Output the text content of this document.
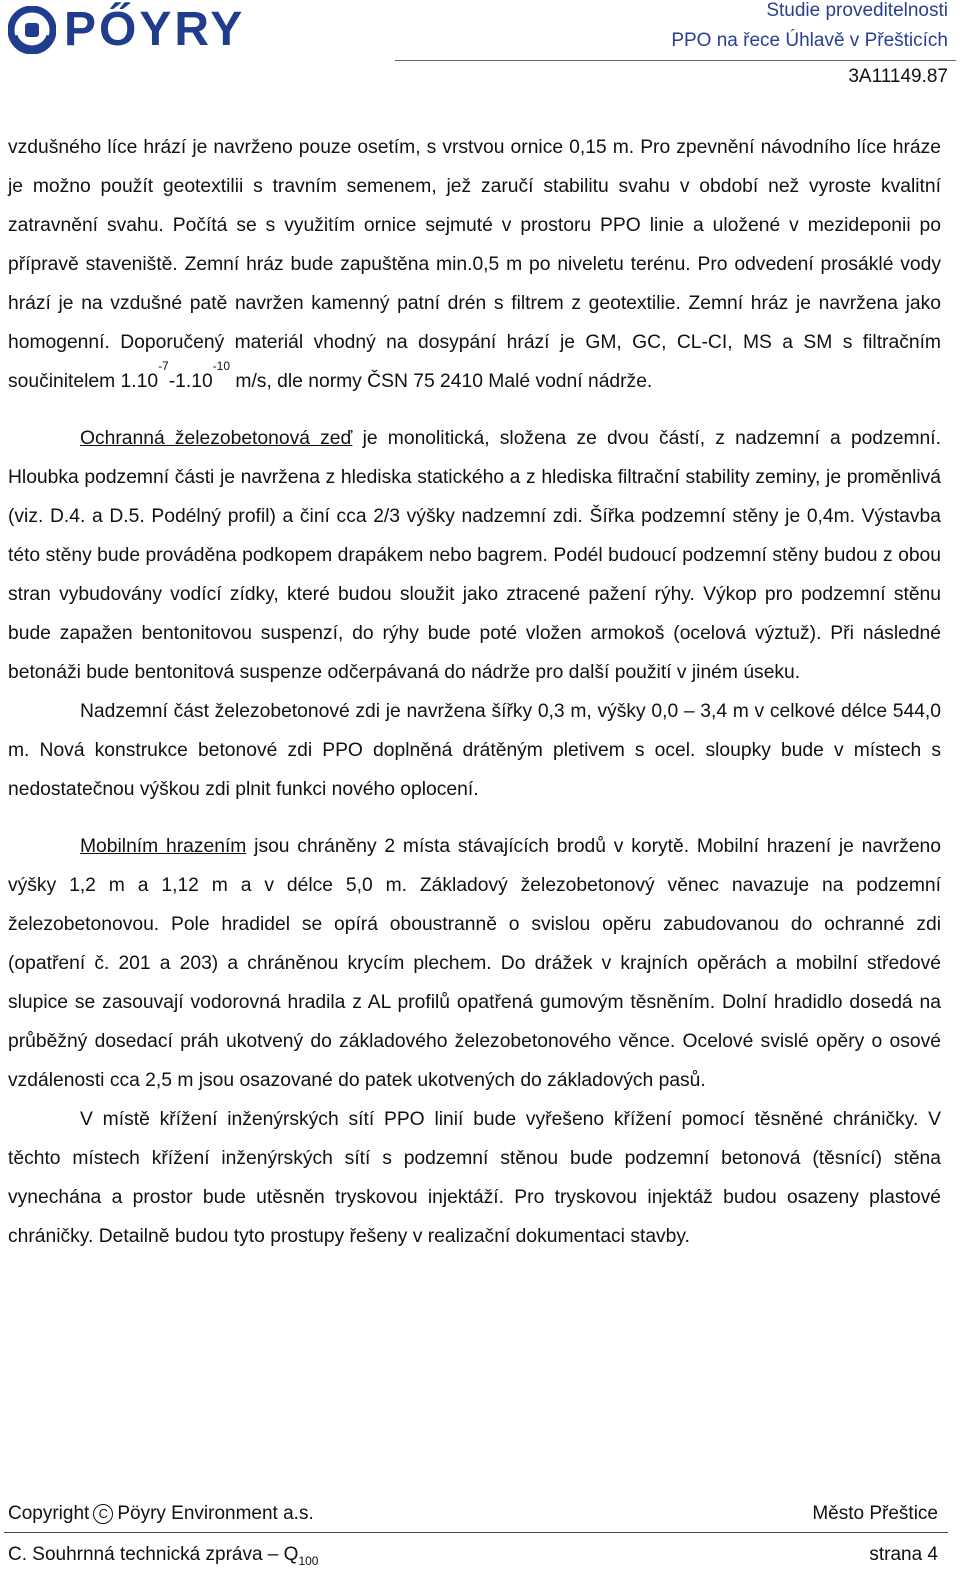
PŐYRY	Studie proveditelnosti
PPO na řece Úhlavě v Přešticích
3A11149.87

vzdušného líce hrází je navrženo pouze osetím, s vrstvou ornice 0,15 m. Pro zpevnění návodního líce hráze je možno použít geotextilii s travním semenem, jež zaručí stabilitu svahu v období než vyroste kvalitní zatravnění svahu. Počítá se s využitím ornice sejmuté v prostoru PPO linie a uložené v mezideponii po přípravě staveniště. Zemní hráz bude zapuštěna min.0,5 m po niveletu terénu. Pro odvedení prosáklé vody hrází je na vzdušné patě navržen kamenný patní drén s filtrem z geotextilie. Zemní hráz je navržena jako homogenní. Doporučený materiál vhodný na dosypání hrází je GM, GC, CL-CI, MS a SM s filtračním součinitelem $1.10^{-7}-1.10^{-10}$ m/s, dle normy ČSN 75 2410 Malé vodní nádrže.

Ochranná železobetonová zeď je monolitická, složena ze dvou částí, z nadzemní a podzemní. Hloubka podzemní části je navržena z hlediska statického a z hlediska filtrační stability zeminy, je proměnlivá (viz. D.4. a D.5. Podélný profil) a činí cca 2/3 výšky nadzemní zdi. Šířka podzemní stěny je 0,4m. Výstavba této stěny bude prováděna podkopem drapákem nebo bagrem. Podél budoucí podzemní stěny budou z obou stran vybudovány vodící zídky, které budou sloužit jako ztracené pažení rýhy. Výkop pro podzemní stěnu bude zapažen bentonitovou suspenzí, do rýhy bude poté vložen armokoš (ocelová výztuž). Při následné betonáži bude bentonitová suspenze odčerpávaná do nádrže pro další použití v jiném úseku.

Nadzemní část železobetonové zdi je navržena šířky 0,3 m, výšky 0,0 – 3,4 m v celkové délce 544,0 m. Nová konstrukce betonové zdi PPO doplněná drátěným pletivem s ocel. sloupky bude v místech s nedostatečnou výškou zdi plnit funkci nového oplocení.

Mobilním hrazením jsou chráněny 2 místa stávajících brodů v korytě. Mobilní hrazení je navrženo výšky 1,2 m a 1,12 m a v délce 5,0 m. Základový železobetonový věnec navazuje na podzemní železobetonovou. Pole hradidel se opírá oboustranně o svislou opěru zabudovanou do ochranné zdi (opatření č. 201 a 203) a chráněnou krycím plechem. Do drážek v krajních opěrách a mobilní středové slupice se zasouvají vodorovná hradila z AL profilů opatřená gumovým těsněním. Dolní hradidlo dosedá na průběžný dosedací práh ukotvený do základového železobetonového věnce. Ocelové svislé opěry o osové vzdálenosti cca 2,5 m jsou osazované do patek ukotvených do základových pasů.

V místě křížení inženýrských sítí PPO linií bude vyřešeno křížení pomocí těsněné chráničky. V těchto místech křížení inženýrských sítí s podzemní stěnou bude podzemní betonová (těsnící) stěna vynechána a prostor bude utěsněn tryskovou injektáží. Pro tryskovou injektáž budou osazeny plastové chráničky. Detailně budou tyto prostupy řešeny v realizační dokumentaci stavby.

Copyright C Pöyry Environment a.s.	Město Přeštice
C. Souhrnná technická zpráva – $Q_{100}$	strana 4
